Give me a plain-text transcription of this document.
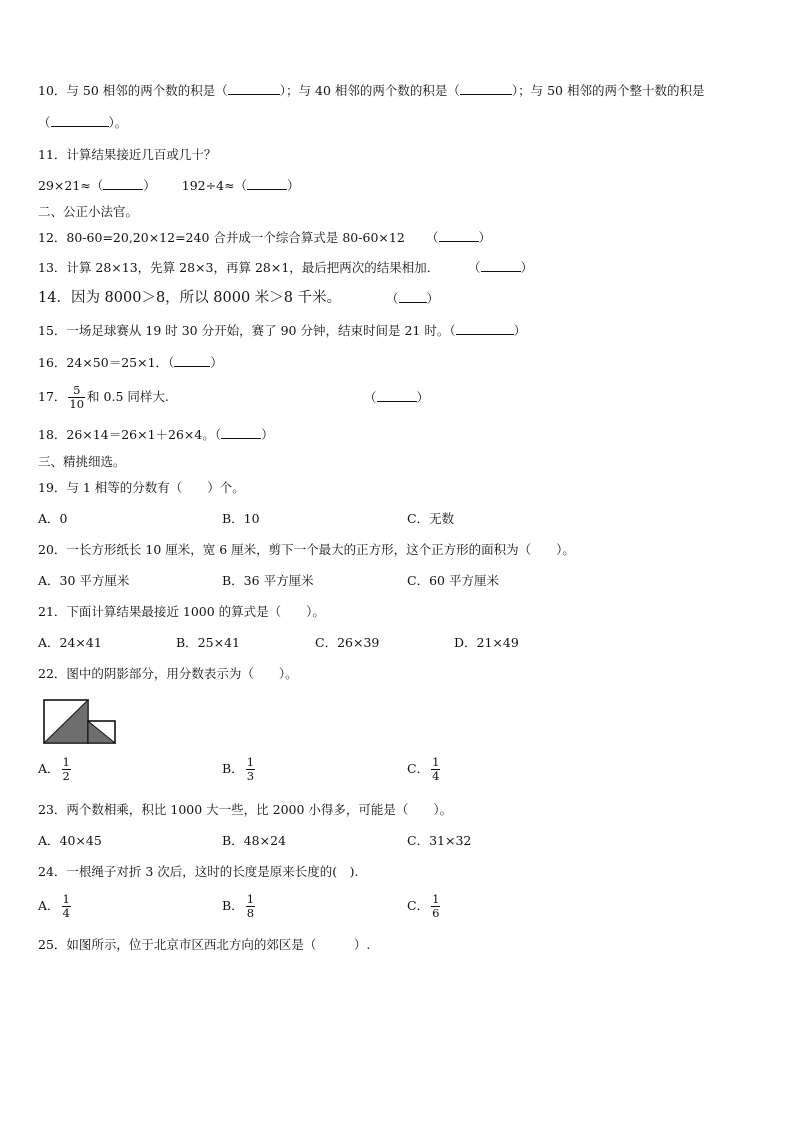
10．与 50 相邻的两个数的积是（	）；与 40 相邻的两个数的积是（	）；与 50 相邻的两个整十数的积是
（	）。
11．计算结果接近几百或几十？
29×21≈（	） 192÷4≈（	）
二、公正小法官。
12．80-60=20,20×12=240 合并成一个综合算式是 80-60×12 （	）
13．计算 28×13，先算 28×3，再算 28×1，最后把两次的结果相加． （	）
14．因为 8000＞8，所以 8000 米＞8 千米。	（ ）
15．一场足球赛从 19 时 30 分开始，赛了 90 分钟，结束时间是 21 时。（	）
16．24×50＝25×1．（	）
17． $\frac{5}{10}$ 和 0.5 同样大.	（	）
18．26×14＝26×1＋26×4。（	）
三、精挑细选。
19．与 1 相等的分数有（　　）个。
A．0	B．10	C．无数
20．一长方形纸长 10 厘米，宽 6 厘米，剪下一个最大的正方形，这个正方形的面积为（　　）。
A．30 平方厘米	B．36 平方厘米	C．60 平方厘米
21．下面计算结果最接近 1000 的算式是（　　）。
A．24×41	B．25×41	C．26×39	D．21×49
22．图中的阴影部分，用分数表示为（　　）。
A． $\frac{1}{2}$	B． $\frac{1}{3}$	C． $\frac{1}{4}$
23．两个数相乘，积比 1000 大一些，比 2000 小得多，可能是（　　）。
A．40×45	B．48×24	C．31×32
24．一根绳子对折 3 次后，这时的长度是原来长度的(　).
A． $\frac{1}{4}$	B． $\frac{1}{8}$	C． $\frac{1}{6}$
25．如图所示，位于北京市区西北方向的郊区是（　　　）.
